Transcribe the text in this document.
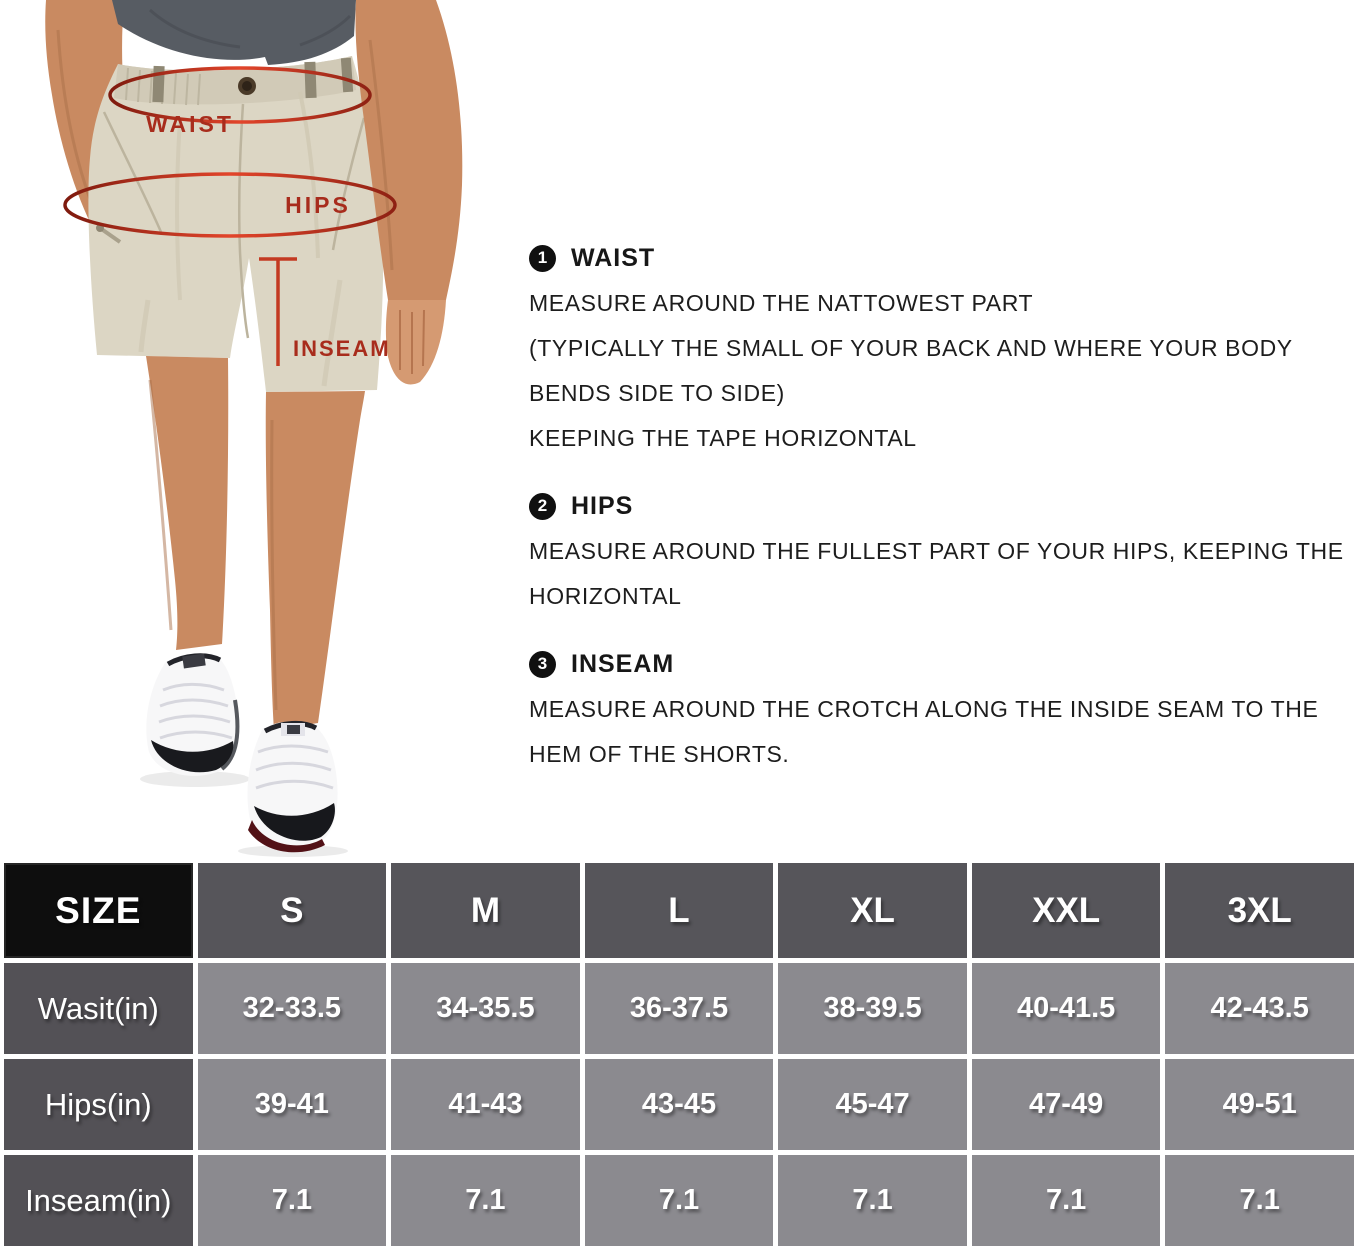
WAIST
HIPS
INSEAM
1 WAIST
MEASURE AROUND THE NATTOWEST PART
(TYPICALLY THE SMALL OF YOUR BACK AND WHERE YOUR BODY
BENDS SIDE TO SIDE)
KEEPING THE TAPE HORIZONTAL
2 HIPS
MEASURE AROUND THE FULLEST PART OF YOUR HIPS, KEEPING THE
HORIZONTAL
3 INSEAM
MEASURE AROUND THE CROTCH ALONG THE INSIDE SEAM TO THE
HEM OF THE SHORTS.
SIZE	S	M	L	XL	XXL	3XL
Wasit(in)	32-33.5	34-35.5	36-37.5	38-39.5	40-41.5	42-43.5
Hips(in)	39-41	41-43	43-45	45-47	47-49	49-51
Inseam(in)	7.1	7.1	7.1	7.1	7.1	7.1
